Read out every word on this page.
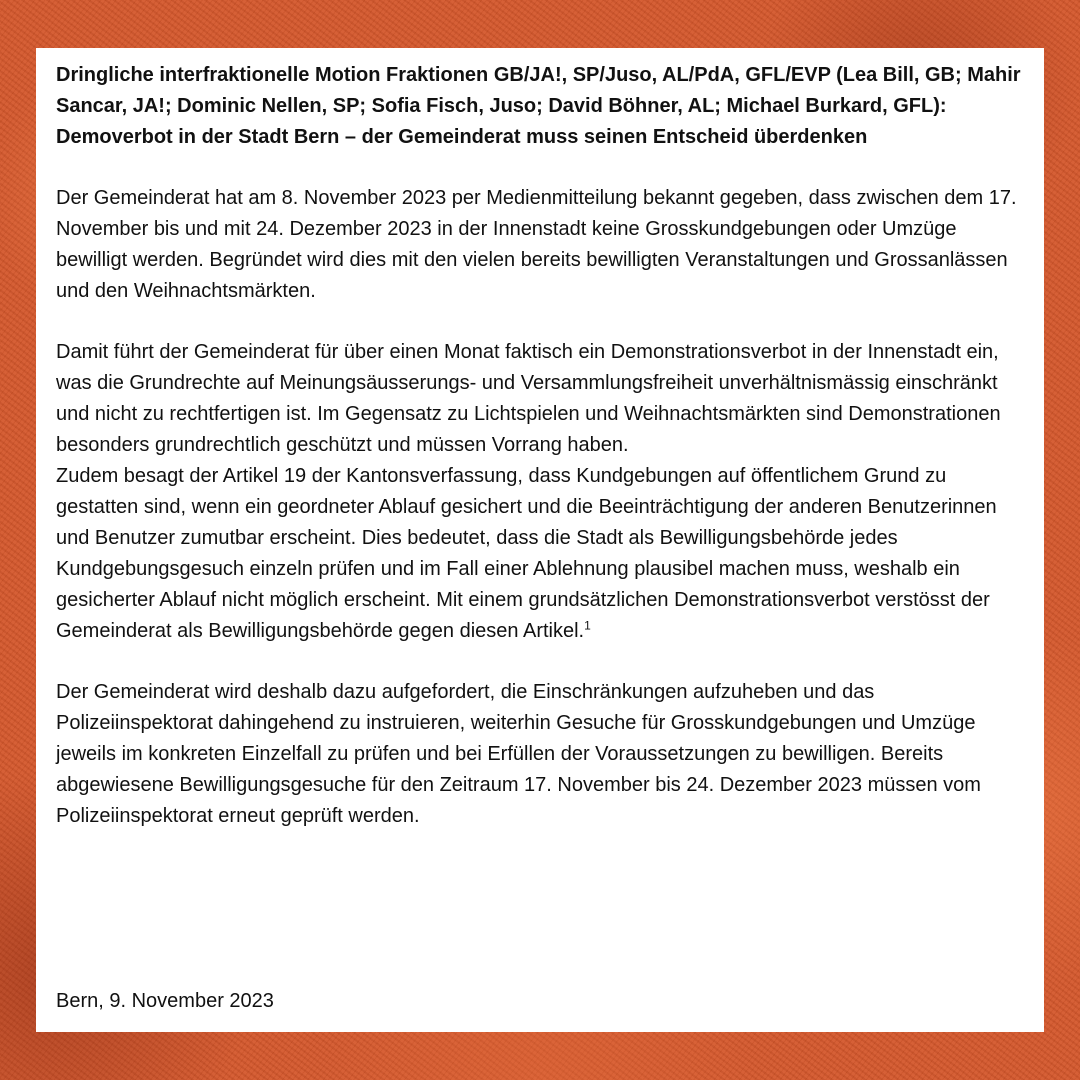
Dringliche interfraktionelle Motion Fraktionen GB/JA!, SP/Juso, AL/PdA, GFL/EVP (Lea Bill, GB; Mahir Sancar, JA!; Dominic Nellen, SP; Sofia Fisch, Juso; David Böhner, AL; Michael Burkard, GFL): Demoverbot in der Stadt Bern – der Gemeinderat muss seinen Entscheid überdenken

Der Gemeinderat hat am 8. November 2023 per Medienmitteilung bekannt gegeben, dass zwischen dem 17. November bis und mit 24. Dezember 2023 in der Innenstadt keine Grosskundgebungen oder Umzüge bewilligt werden. Begründet wird dies mit den vielen bereits bewilligten Veranstaltungen und Grossanlässen und den Weihnachtsmärkten.

Damit führt der Gemeinderat für über einen Monat faktisch ein Demonstrationsverbot in der Innenstadt ein, was die Grundrechte auf Meinungsäusserungs- und Versammlungsfreiheit unverhältnismässig einschränkt und nicht zu rechtfertigen ist. Im Gegensatz zu Lichtspielen und Weihnachtsmärkten sind Demonstrationen besonders grundrechtlich geschützt und müssen Vorrang haben.

Zudem besagt der Artikel 19 der Kantonsverfassung, dass Kundgebungen auf öffentlichem Grund zu gestatten sind, wenn ein geordneter Ablauf gesichert und die Beeinträchtigung der anderen Benutzerinnen und Benutzer zumutbar erscheint. Dies bedeutet, dass die Stadt als Bewilligungsbehörde jedes Kundgebungsgesuch einzeln prüfen und im Fall einer Ablehnung plausibel machen muss, weshalb ein gesicherter Ablauf nicht möglich erscheint. Mit einem grundsätzlichen Demonstrationsverbot verstösst der Gemeinderat als Bewilligungsbehörde gegen diesen Artikel.$^1$

Der Gemeinderat wird deshalb dazu aufgefordert, die Einschränkungen aufzuheben und das Polizeiinspektorat dahingehend zu instruieren, weiterhin Gesuche für Grosskundgebungen und Umzüge jeweils im konkreten Einzelfall zu prüfen und bei Erfüllen der Voraussetzungen zu bewilligen. Bereits abgewiesene Bewilligungsgesuche für den Zeitraum 17. November bis 24. Dezember 2023 müssen vom Polizeiinspektorat erneut geprüft werden.

Bern, 9. November 2023
